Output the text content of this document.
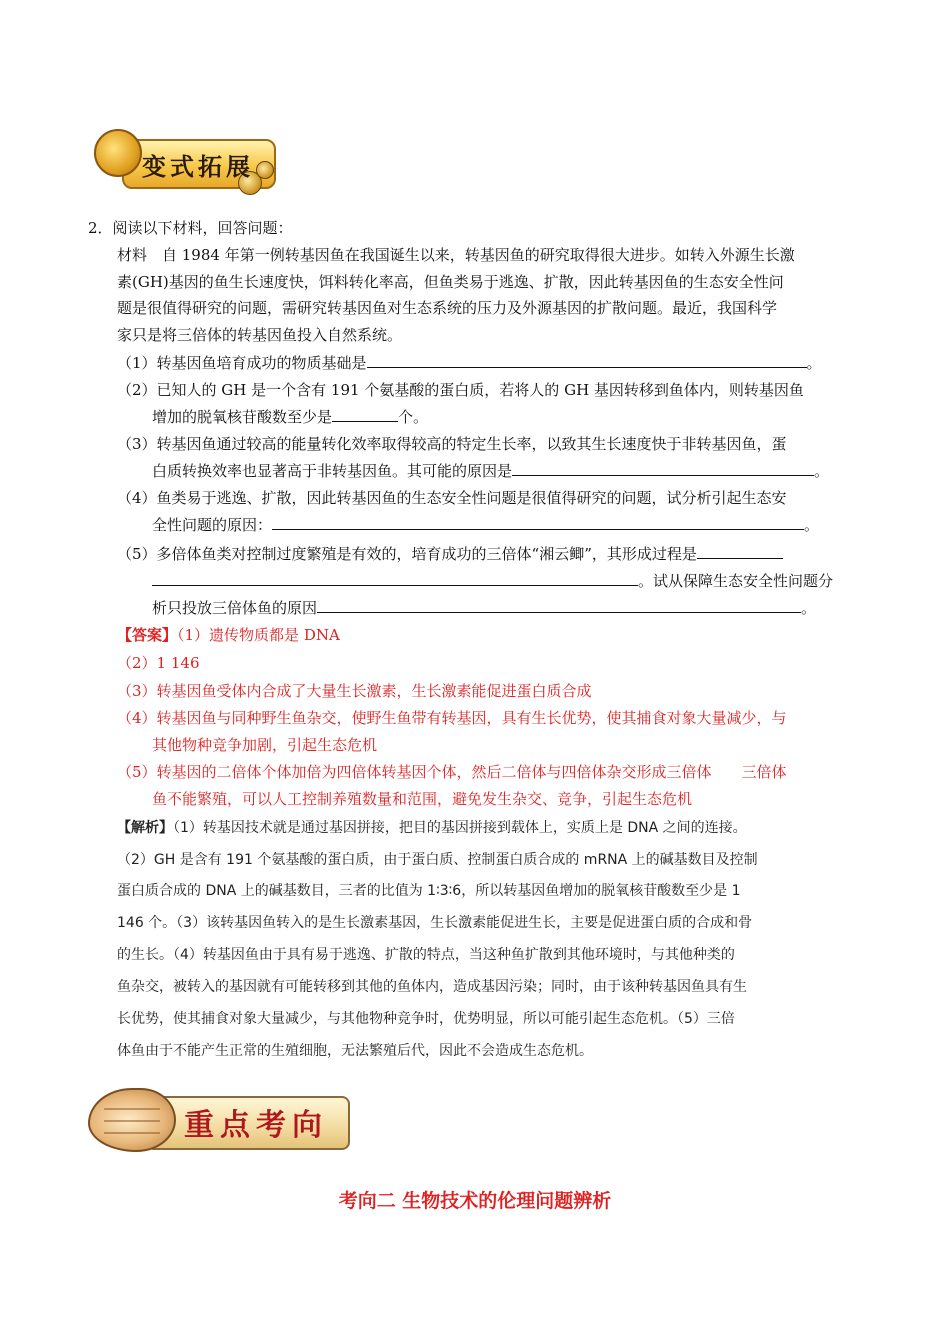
变式拓展
2．阅读以下材料，回答问题：
材料　自 1984 年第一例转基因鱼在我国诞生以来，转基因鱼的研究取得很大进步。如转入外源生长激
素(GH)基因的鱼生长速度快，饵料转化率高，但鱼类易于逃逸、扩散，因此转基因鱼的生态安全性问
题是很值得研究的问题，需研究转基因鱼对生态系统的压力及外源基因的扩散问题。最近，我国科学
家只是将三倍体的转基因鱼投入自然系统。
（1）转基因鱼培育成功的物质基础是	。
（2）已知人的 GH 是一个含有 191 个氨基酸的蛋白质，若将人的 GH 基因转移到鱼体内，则转基因鱼
增加的脱氧核苷酸数至少是	个。
（3）转基因鱼通过较高的能量转化效率取得较高的特定生长率，以致其生长速度快于非转基因鱼，蛋
白质转换效率也显著高于非转基因鱼。其可能的原因是	。
（4）鱼类易于逃逸、扩散，因此转基因鱼的生态安全性问题是很值得研究的问题，试分析引起生态安
全性问题的原因：	。
（5）多倍体鱼类对控制过度繁殖是有效的，培育成功的三倍体“湘云鲫”，其形成过程是
。试从保障生态安全性问题分
析只投放三倍体鱼的原因	。
【答案】（1）遗传物质都是 DNA
（2）1 146
（3）转基因鱼受体内合成了大量生长激素，生长激素能促进蛋白质合成
（4）转基因鱼与同种野生鱼杂交，使野生鱼带有转基因，具有生长优势，使其捕食对象大量减少，与
其他物种竞争加剧，引起生态危机
（5）转基因的二倍体个体加倍为四倍体转基因个体，然后二倍体与四倍体杂交形成三倍体　　三倍体
鱼不能繁殖，可以人工控制养殖数量和范围，避免发生杂交、竞争，引起生态危机
【解析】（1）转基因技术就是通过基因拼接，把目的基因拼接到载体上，实质上是 DNA 之间的连接。
（2）GH 是含有 191 个氨基酸的蛋白质，由于蛋白质、控制蛋白质合成的 mRNA 上的碱基数目及控制
蛋白质合成的 DNA 上的碱基数目，三者的比值为 1∶3∶6，所以转基因鱼增加的脱氧核苷酸数至少是 1
146 个。（3）该转基因鱼转入的是生长激素基因，生长激素能促进生长，主要是促进蛋白质的合成和骨
的生长。（4）转基因鱼由于具有易于逃逸、扩散的特点，当这种鱼扩散到其他环境时，与其他种类的
鱼杂交，被转入的基因就有可能转移到其他的鱼体内，造成基因污染；同时，由于该种转基因鱼具有生
长优势，使其捕食对象大量减少，与其他物种竞争时，优势明显，所以可能引起生态危机。（5）三倍
体鱼由于不能产生正常的生殖细胞，无法繁殖后代，因此不会造成生态危机。
重点考向
考向二 生物技术的伦理问题辨析
